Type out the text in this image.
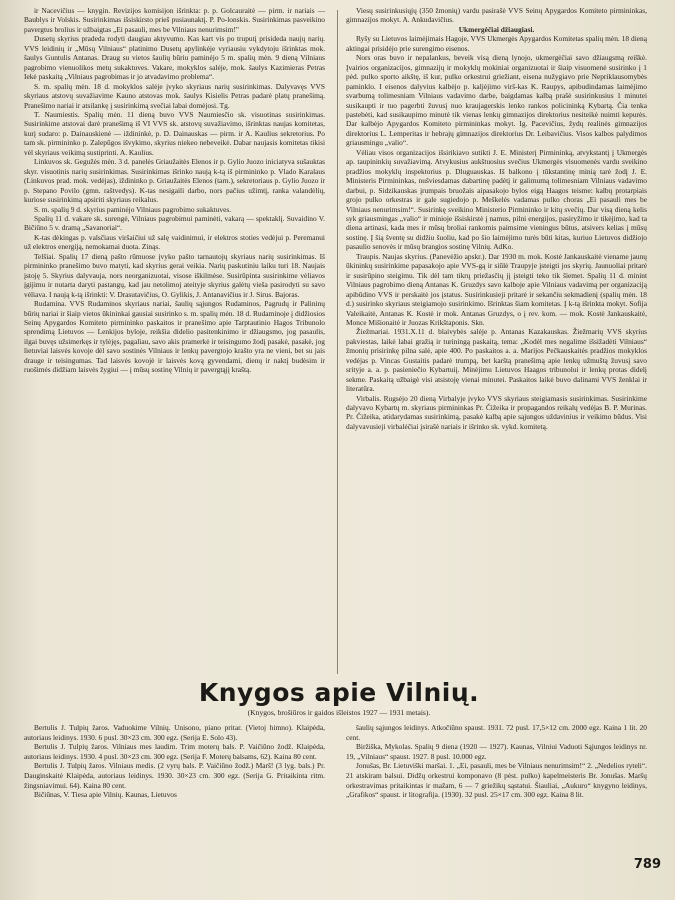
ir Nacevičius — knygin. Revizijos komisijon išrinkta: p. p. Golcauraitė — pirm. ir nariais — Baublys ir Volskis. Susirinkimas išsiskirsto prieš pusiaunaktį. P. Po-lonskis. Susirinkimas pasveikino pavergtus brolius ir užbaigtas „Ei pasauli, mes be Vilniaus nenurimsim!"

Dusetų skyrius pradeda rodyti daugiau aktyvumo. Kas kart vis po truputį prisideda naujų narių. VVS leidinių ir „Mūsų Vilniaus“ platinimo Dusetų apylinkėje vyriausiu vykdytoju išrinktas mok. šaulys Guntulis Antanas. Draug su vietos šaulių būriu paminėjo 5 m. spalių mėn. 9 dieną Vilniaus pagrobimo vienuolikos metų sukaktuves. Vakare, mokyklos salėje, mok. šaulys Kazimieras Petras Iekė paskaitą „Vilniaus pagrobimas ir jo atvadavimo problema“.

S. m. spalių mėn. 18 d. mokyklos salėje įvyko skyriaus narių susirinkimas. Dalyvavęs VVS skyriaus atstovų suvažiavime Kauno atstovas mok. šaulys Kisielis Petras padarė platų pranešimą. Pranešimo nariai ir atsilankę į susirinkimą svečiai labai domėjosi. Tg.

T. Naumiestis. Spalių mėn. 11 dieną buvo VVS Naumiesčio sk. visuotinas susirinkimas. Susirinkime atstovai darė pranešimą iš VI VVS sk. atstovų suvažiavimo, išrinktas naujas komitetas, kurį sudaro: p. Dainauskienė — iždininkė, p. D. Dainauskas — pirm. ir A. Kaulius sekretorius. Po tam sk. pirmininko p. Zalepūgos išvykimo, skyrius niekeo nebeveikė. Dabar naujasis komitetas tikisi vėl skyriaus veikimą sustiprinti. A. Kaulius.

Linkuvos sk. Gegužės mėn. 3 d. panelės Griaužaitės Elenos ir p. Gylio Juozo iniciatyva sušauktas skyr. visuotinis narių susirinkimas. Susirinkimas išrinko naują k-tą iš pirmininko p. Vlado Karalaus (Linkuvos prad. mok. vedėjas), iždininko p. Griaužaitės Elenos (tarn.), sekretoriaus p. Gylio Juozo ir p. Stepano Povilo (gmn. raštvedys). K-tas nesigaili darbo, nors pačius užimtį, ranka valandėlių, kuriose susirinkimą apsiriti skyriaus reikalus.

S. m. spalių 9 d. skyrius paminėjo Vilniaus pagrobimo sukaktuves.

Spalių 11 d. vakare sk. surengė, Vilniaus pagrobimui paminėti, vakarą — spektaklį. Suvaidino V. Bičiūno 5 v. dramą „Savanoriai“.

K-tas dėkingas p. valsčiaus viršaičiui už salę vaidinimui, ir elektros stoties vedėjui p. Peremanui už elektros energiją, nemokamai duota. Zinąs.

Telšiai. Spalių 17 dieną pašto rūmuose įvyko pašto tarnautojų skyriaus narių susirinkimas. Iš pirmininko pranešimo buvo matyti, kad skyrius gerai veikia. Narių paskutiniu laiku turi 18. Naujais įstoję 5. Skyrius dalyvauja, nors neorganizuotai, visose iškilmėse. Susirūpinta susirinkime vėliavos įgijimu ir nutarta daryti pastangų, kad jau netolimoj ateityje skyrius galėtų vieša pasirodyti su savo vėliava. I naują k-tą išrinkti: V. Drasutavičius, O. Gylikis, J. Antanavičius ir J. Sirus. Bajoras.

Rudamina. VVS Rudaminos skyriaus nariai, šaulių sąjungos Rudaminos, Pagrudų ir Palininų būrių nariai ir šiaip vietos ūkininkai gausiai susirinko s. m. spalių mėn. 18 d. Rudaminoje į didžiosios Seinų Apygardos Komiteto pirmininko paskaitos ir pranešimo apie Tarptautinio Hagos Tribunolo sprendimą Lietuvos — Lenkijos byloje, reikšia didelio pasitenkinimo ir džiaugsmo, jog pasaulis, ilgai buvęs užsimerkęs ir tylėjęs, pagaliau, savo akis pramerkė ir teisingumo žodį pasakė, pasakė, jog lietuviai laisvės kovoje dėl savo sostinės Vilniaus ir lenkų pavergtojo krašto yra ne vieni, bet su jais drauge ir teisingumas. Tad laisvės kovojė ir laisvės kovą gyvendami, dienų ir naktį budėsim ir ruošimės didžiam laisvės žygiui — į mūsų sostinę Vilnių ir pavergtąjį kraštą.

Viesų susirinkusiųjų (350 žmonių) vardu pasirašė VVS Seinų Apygardos Komiteto pirmininkas, gimnazijos mokyt. A. Ankudavičius.

Ukmergėčiai džiaugiasi.

Ryšy su Lietuvos laimėjimais Hagoje, VVS Ukmergės Apygardos Komitetas spalių mėn. 18 dieną aktingai prisidėjo prie surengimo eisenos.

Nors oras buvo ir nepalankus, beveik visą dieną lynojo, ukmergėčiai savo džiaugsmą reiškė. Įvairios organizacijos, gimnazijų ir mokyklų mokiniai organizuotai ir šiaip visuomenė susirinko į 1 pėd. pulko sporto aikštę, iš kur, pulko orkestrui griežiant, eisena nužygiavo prie Nepriklausomybės paminklo. I eisenos dalyvius kalbėjo p. kaljėjimo virš-kas K. Raupys, apibudindamas laimėjimo svarbumą tolimesniam Vilniaus vadavimo darbe, baigdamas kalbą prašė susirinkusius 1 minutei susikaupti ir tuo pagerbti žuvusį nuo kraujagerskis lenko rankos policininką Kybartą. Čia tenka pastebėti, kad susikaupimo minutė tik vienas lenkų gimnazijos direktorius nesiteikė nuimti kepurės. Dar kalbėjo Apygardos Komiteto pirmininkas mokyt. Ig. Pacevičius, žydų realinės gimnazijos direktorius L. Lemperitas ir hebrajų gimnazijos direktorius Dr. Leibavičius. Visos kalbos palydimos griausmingu „valio“.

Vėliau visos organizacijos išsirikiavo sutikti J. E. Ministerį Pirmininką, atvykstantį į Ukmergės ap. taupininkių suvažiavimą. Atvykusius aukštuosius svečius Ukmergės visuomenės vardu sveikino pradžios mokyklų inspektorius p. Dluguauskas. Iš balkono į tūkstantinę minią tarė žodį J. E. Ministeris Pirmininkas, nušviesdamas dabartinę padėtį ir galimumą tolimesniam Vilniaus vadavimo darbui, p. Sidzikauskas įrumpais bruožais aipasakojo bylos eigą Haagos teisme: kalbų protarpiais grojo pulko orkestras ir gale sugiedojo p. Meškelės vadamas pulko choras „Ei pasauli mes be Vilniaus nenurimsim!“. Susirinkę sveikino Ministerio Pirmininko ir kitų svečių. Dar visą dieną kelis syk griausmingas „valio“ ir minioje išsiskirstė į namus, pilni energijos, pasiryžimo ir tikėjimo, kad ta diena artinasi, kada mes ir mūsų broliai rankomis paimsime vieningus būtus, atsivers kelias į mūsų sostinę. Į šią šventę su didžiu šuoliu, kad po šio laimėjimo turės būti kitas, kuriuo Lietuvos didžiojo pasaulio senovės ir mūsų brangios sostinę Vilnių. AdKo.

Traupis. Naujas skyrius. (Panevėžio apskr.). Dar 1930 m. mok. Kostė Jankauskaitė viename jaunų ūkininkų susirinkime papasakojo apie VVS-gą ir siūlė Traupyje įsteigti jos skyrių. Jaunuoliai pritarė ir susirūpino steigimu. Tik dėl tam tikrų priežasčių jį įsteigti teko tik šiemet. Spalių 11 d. minint Vilniaus pagrobimo dieną Antanas K. Gruzdys savo kalboje apie Vilniaus vadavimą per organizaciją apibūdino VVS ir perskaitė jos įstatus. Susirinkusieji pritarė ir sekančiu sekmadienį (spalių mėn. 18 d.) susirinko skyriaus steigiamojo susirinkimo. Išrinktas šiam komitetas. Į k-tą išrinkta mokyt. Sofija Valeikaitė, Antanas K. Kostė ir mok. Antanas Gruzdys, o į rev. kom. — mok. Kostė Jankauskaitė, Monce Mišionaitė ir Juozas Krikštaponis. Skn.

Žiežmariai. 1931.X.11 d. blaivybės salėje p. Antanas Kazakauskas. Žiežmarių VVS skyrius pakviestas, laikė labai gražią ir turiningą paskaitą, tema: „Kodėl mes negalime išsižadėti Vilniaus“ žmonių prisirinkę pilna salė, apie 400. Po paskaitos a. a. Marijos Pečkauskaitės pradžios mokyklos vedėjas p. Vincas Gustaitis padarė trumpą, bet karštą pranešimą apie lenkų užmuštą žuvusį savo srityje a. a. p. pasieniečio Kybartuiį. Minėjimu Lietuvos Haagos tribunolui ir lenkų protas didelį sekme. Paskaitą užbaigė visi atsistoję vienai minutei. Paskaitos laikė buvo dalinami VVS ženklai ir literatūra.

Virbalis. Rugsėjo 20 dieną Virbalyje įvyko VVS skyriaus steigiamasis susirinkimas. Susirinkime dalyvavo Kybartų m. skyriaus pirmininkas Pr. Čižeika ir propagandos reikalų vedėjas B. P. Murinas. Pr. Čižeika, atidarydamas susirinkimą, pasakė kalbą apie sąjungos uždavinius ir veikimo būdus. Visi dalyvavusieji virbalėčiai įsirašė nariais ir išrinko sk. vykd. komitetą.

Knygos apie Vilnių.
(Knygos, brošiūros ir gaidos išleistos 1927 — 1931 metais).

Bertulis J. Tulpių žaros. Vaduokime Vilnių. Unisono, piano pritar. (Vietoj himno). Klaipėda, autoriaus leidinys. 1930. 6 pusl. 30×23 cm. 300 egz. (Serija E. Solo 43).

Bertulis J. Tulpių žaros. Vilniaus mes laudim. Trim moterų bals. P. Vaičiūno žodž. Klaipėda, autoriaus leidinys. 1930. 4 pusl. 30×23 cm. 300 egz. (Serija F. Moterų balsams, 62). Kaina 80 cent.

Bertulis J. Tulpių žaros. Vilniaus medis. (2 vyrų bals. P. Vaičiūno žodž.) Marš! (3 lyg. bals.) Pr. Dauginskaitė Klaipėda, autoriaus leidinys. 1930. 30×23 cm. 300 egz. (Serija G. Pritaikinta ritm. žingsniavimui. 64). Kaina 80 cent.

Bičiūnas, V. Tiesa apie Vilnių. Kaunas, Lietuvos

šaulių sąjungos leidinys. Atkočiūno spaust. 1931. 72 pusl. 17,5×12 cm. 2000 egz. Kaina 1 lit. 20 cent.

Biržiška, Mykolas. Spalių 9 diena (1920 — 1927). Kaunas, Vilniui Vaduoti Sąjungos leidinys nr. 19, „Vilniaus“ spaust. 1927. 8 pusl. 10.000 egz.

Jonušas, Br. Lietuviški maršai. 1. „Ei, pasauli, mes be Vilniaus nenurimsim!“ 2. „Nedelios ryteli“. 21 atskiram balsui. Didžų orkestrui komponavo (8 pėst. pulko) kapelmeisteris Br. Jonušas. Maršų orkestravimas pritaikintas ir mažam, 6 — 7 griežikų sąstatui. Šiauliai, „Aukuro“ knygyno leidinys, „Grafikos“ spaust. ir litografija. (1930). 32 pusl. 25×17 cm. 300 egz. Kaina 8 lit.

789
